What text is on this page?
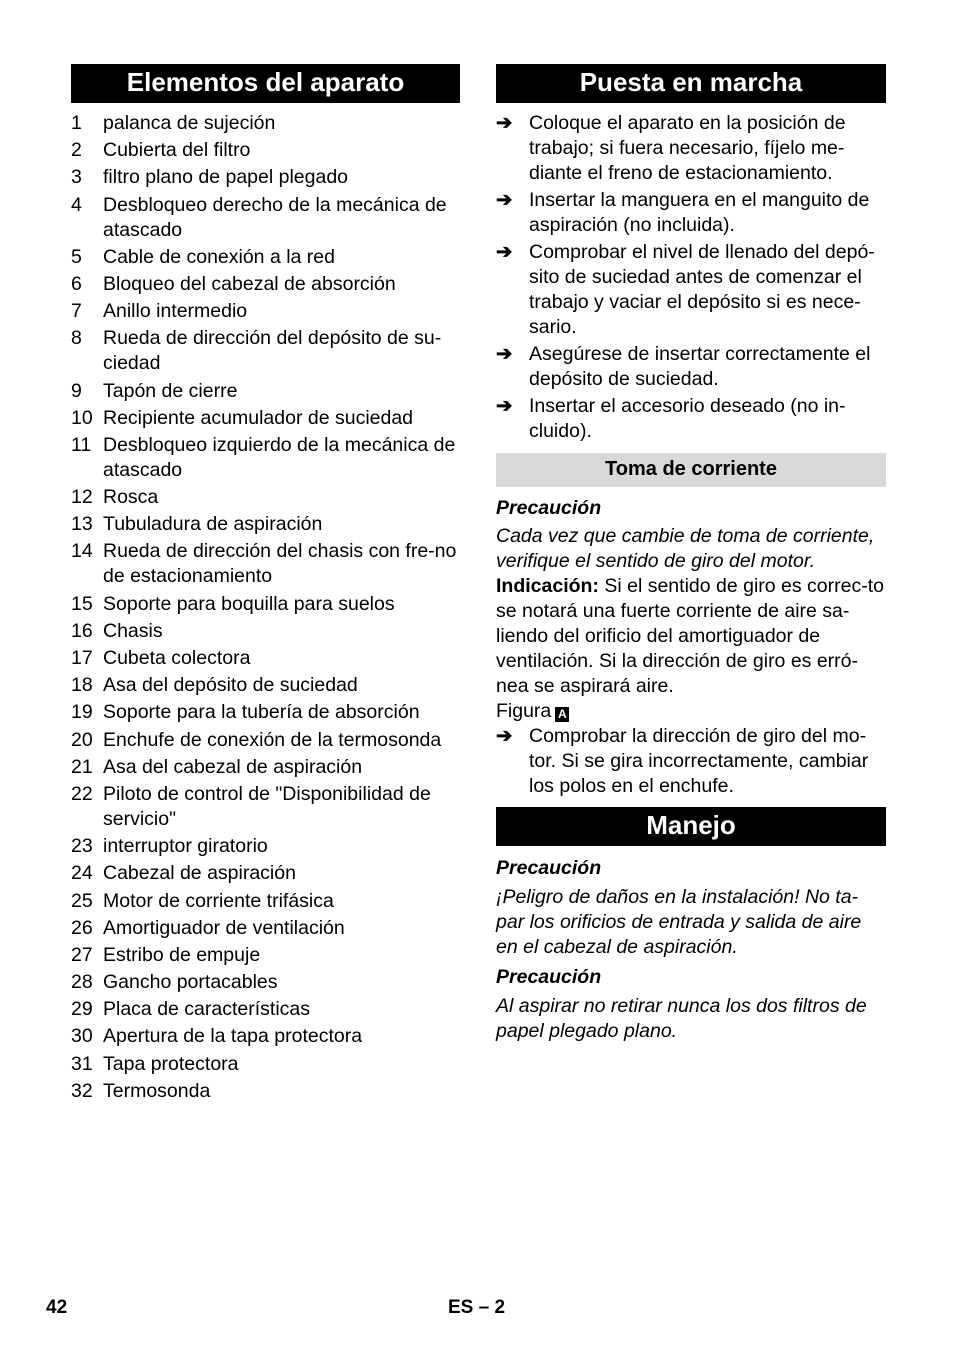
Elementos del aparato
1 palanca de sujeción
2 Cubierta del filtro
3 filtro plano de papel plegado
4 Desbloqueo derecho de la mecánica de atascado
5 Cable de conexión a la red
6 Bloqueo del cabezal de absorción
7 Anillo intermedio
8 Rueda de dirección del depósito de su-ciedad
9 Tapón de cierre
10 Recipiente acumulador de suciedad
11 Desbloqueo izquierdo de la mecánica de atascado
12 Rosca
13 Tubuladura de aspiración
14 Rueda de dirección del chasis con fre-no de estacionamiento
15 Soporte para boquilla para suelos
16 Chasis
17 Cubeta colectora
18 Asa del depósito de suciedad
19 Soporte para la tubería de absorción
20 Enchufe de conexión de la termosonda
21 Asa del cabezal de aspiración
22 Piloto de control de "Disponibilidad de servicio"
23 interruptor giratorio
24 Cabezal de aspiración
25 Motor de corriente trifásica
26 Amortiguador de ventilación
27 Estribo de empuje
28 Gancho portacables
29 Placa de características
30 Apertura de la tapa protectora
31 Tapa protectora
32 Termosonda
Puesta en marcha
➔ Coloque el aparato en la posición de trabajo; si fuera necesario, fíjelo me-diante el freno de estacionamiento.
➔ Insertar la manguera en el manguito de aspiración (no incluida).
➔ Comprobar el nivel de llenado del depó-sito de suciedad antes de comenzar el trabajo y vaciar el depósito si es nece-sario.
➔ Asegúrese de insertar correctamente el depósito de suciedad.
➔ Insertar el accesorio deseado (no in-cluido).
Toma de corriente
Precaución
Cada vez que cambie de toma de corriente, verifique el sentido de giro del motor.

Indicación: Si el sentido de giro es correc-to se notará una fuerte corriente de aire sa-liendo del orificio del amortiguador de ventilación. Si la dirección de giro es erró-nea se aspirará aire.

Figura A

➔ Comprobar la dirección de giro del mo-tor. Si se gira incorrectamente, cambiar los polos en el enchufe.
Manejo
Precaución
¡Peligro de daños en la instalación! No ta-par los orificios de entrada y salida de aire en el cabezal de aspiración.
Precaución
Al aspirar no retirar nunca los dos filtros de papel plegado plano.
42	ES – 2
